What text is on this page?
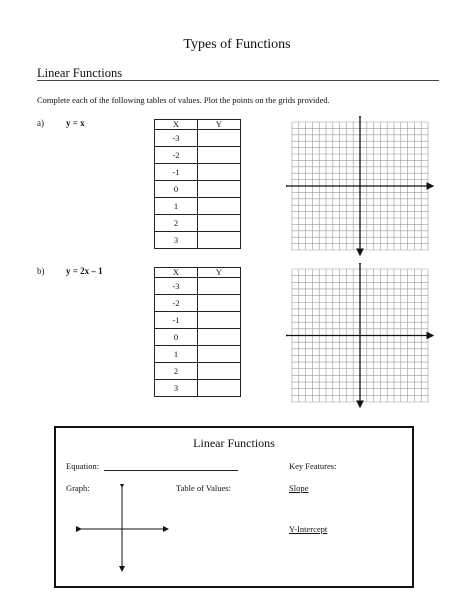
Types of Functions
Linear Functions
Complete each of the following tables of values. Plot the points on the grids provided.
a) y = x	X	Y
-3	
-2	
-1	
0	
1	
2	
3	
b) y = 2x – 1	X	Y
-3	
-2	
-1	
0	
1	
2	
3	
Linear Functions
Equation:	Key Features:
Graph:	Table of Values:	Slope
Y-Intercept
